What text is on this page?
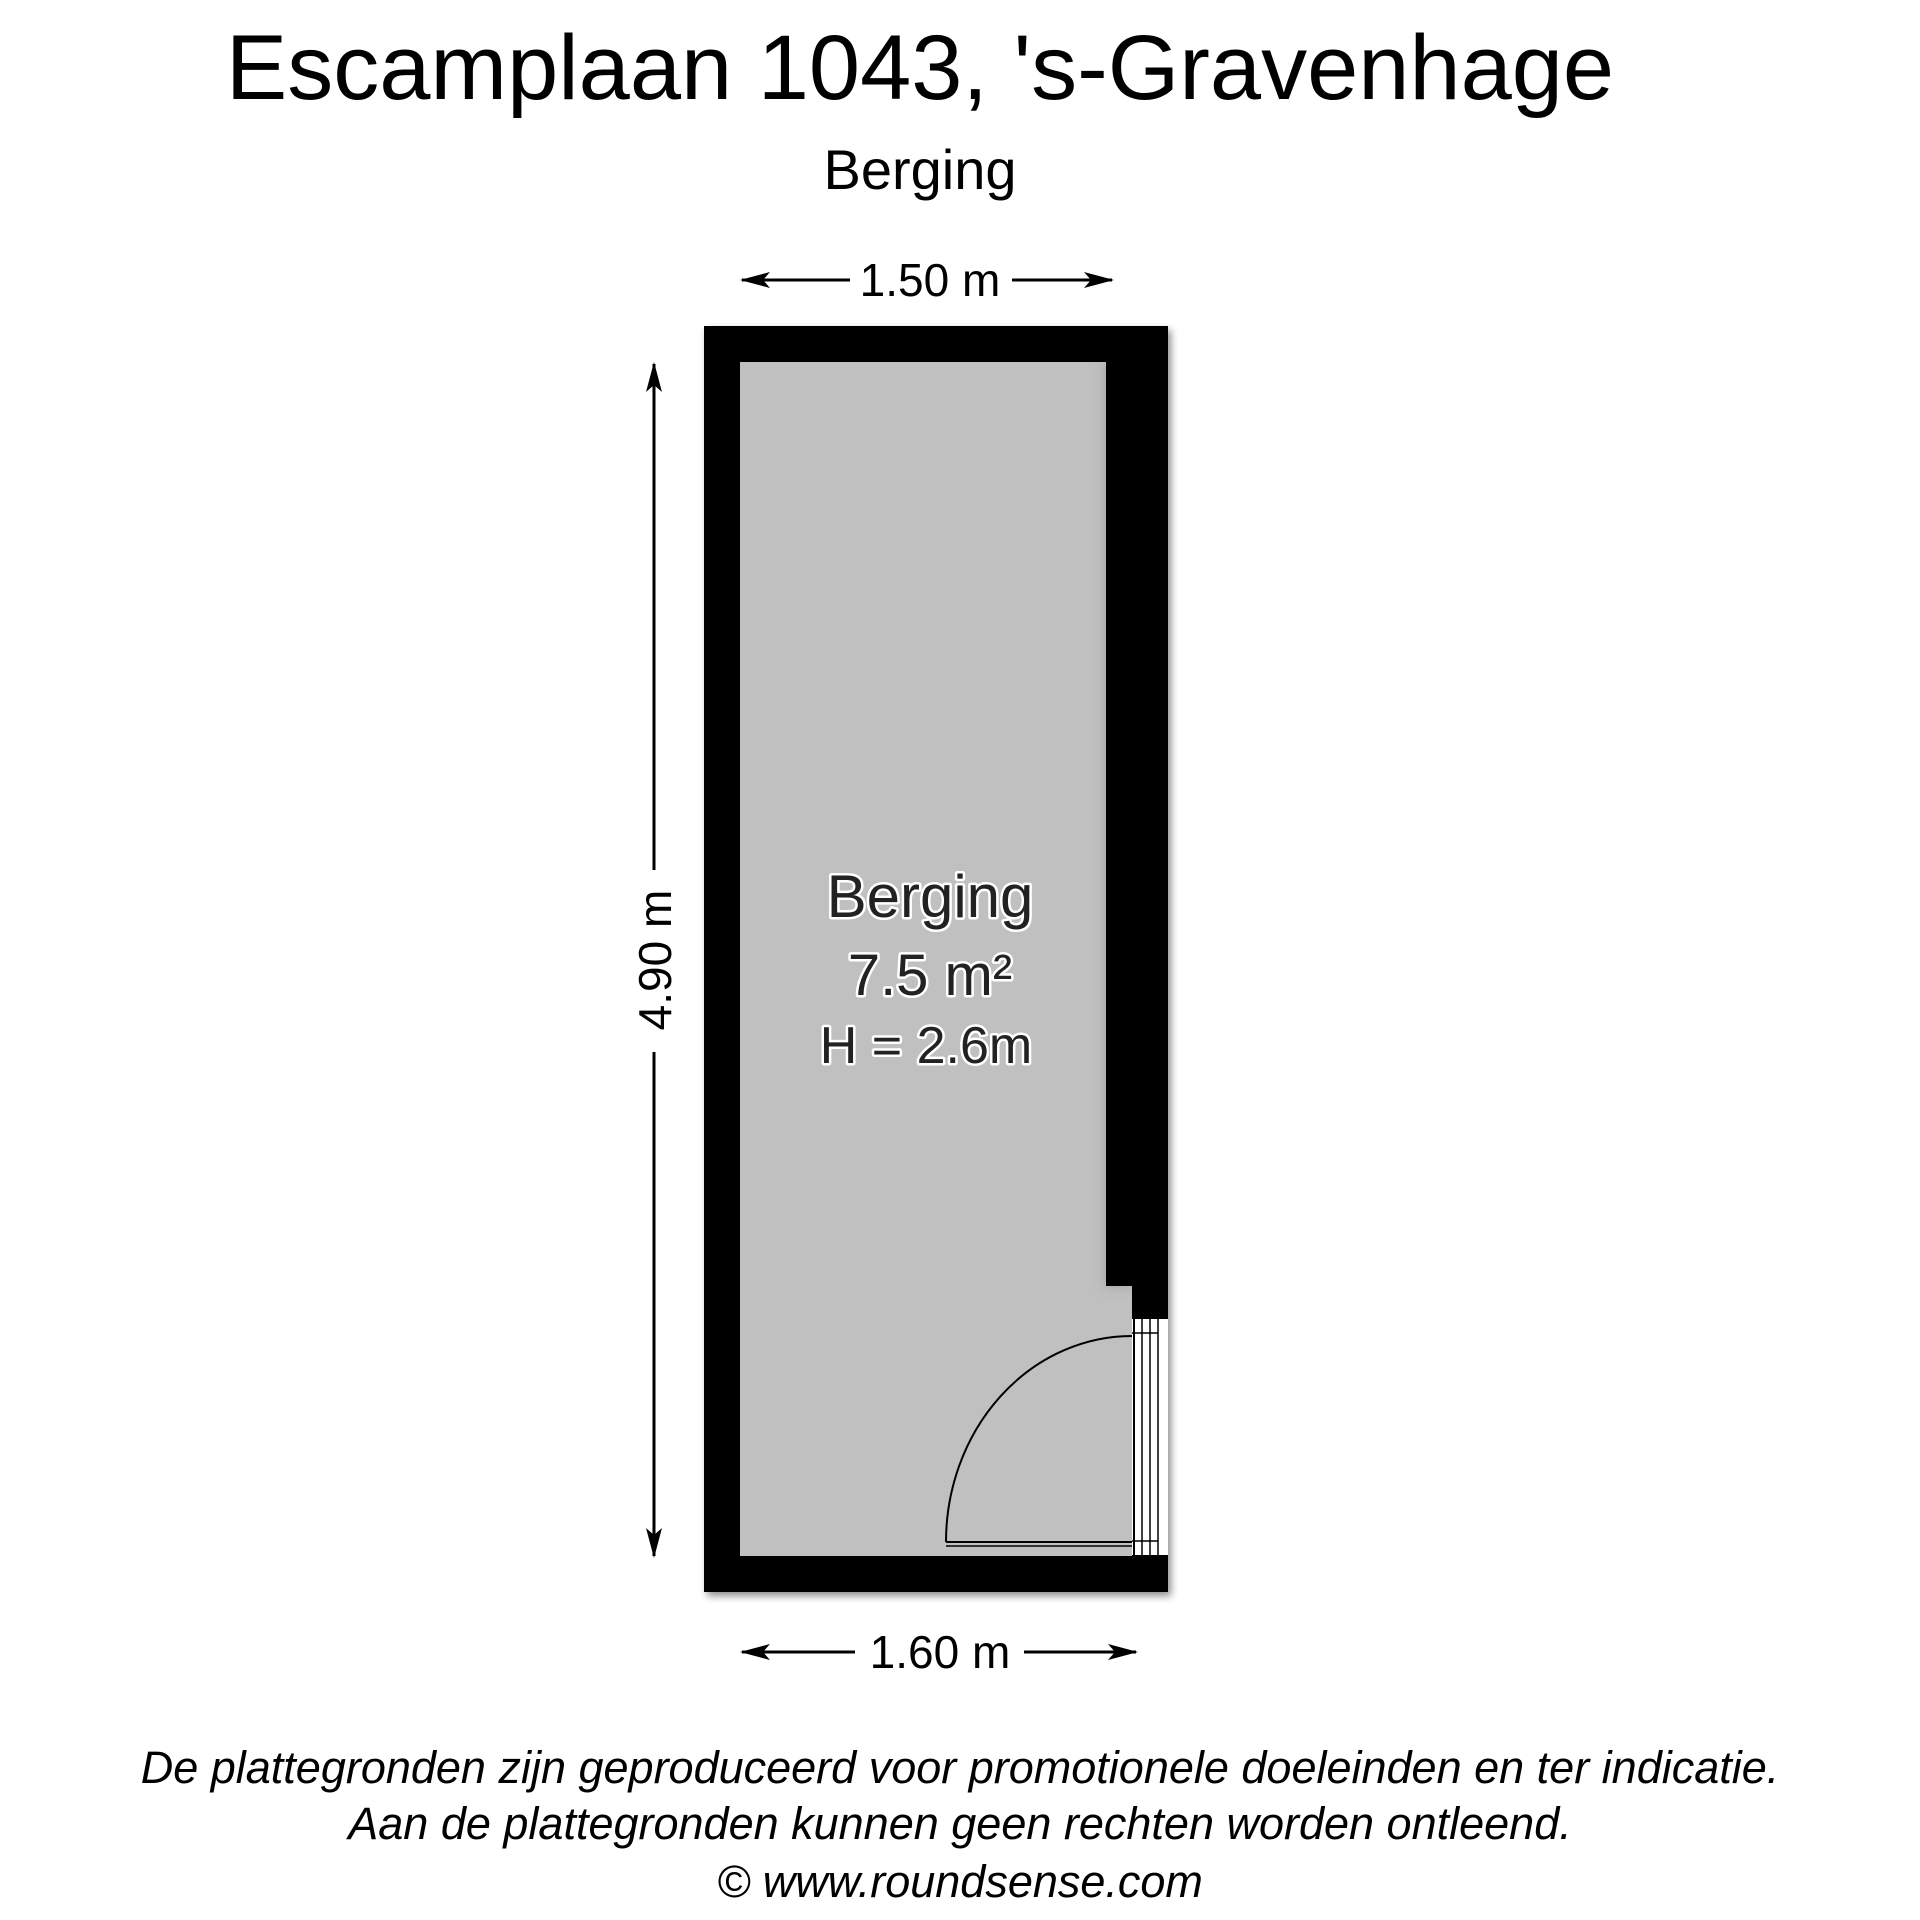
Escamplaan 1043, 's-Gravenhage
Berging
1.50 m
1.60 m
4.90 m Berging
7.5 m²
H = 2.6m
De plattegronden zijn geproduceerd voor promotionele doeleinden en ter indicatie.
Aan de plattegronden kunnen geen rechten worden ontleend.
© www.roundsense.com
